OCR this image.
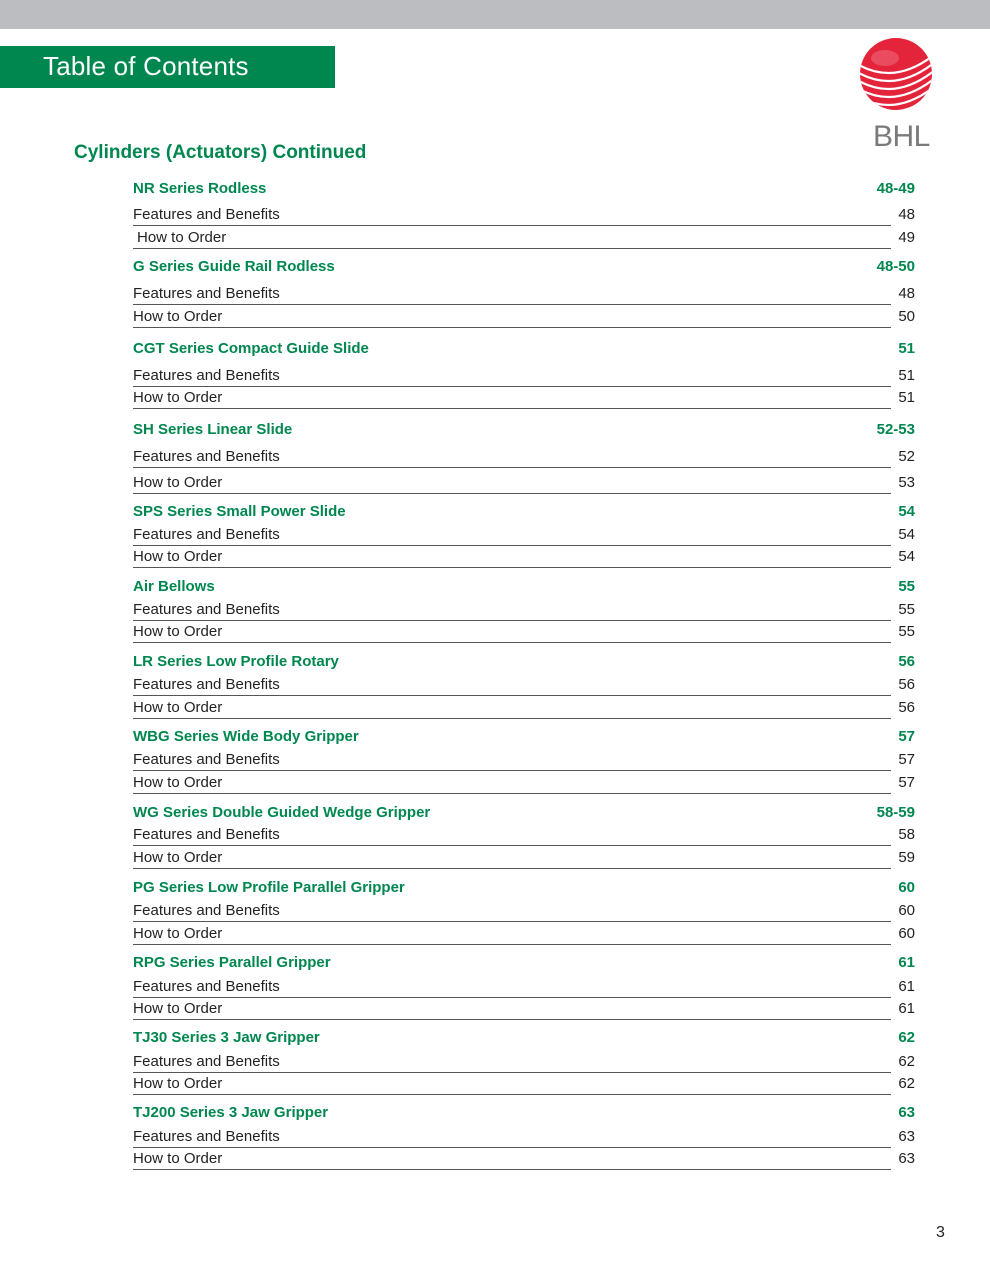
Table of Contents
BHL
Cylinders (Actuators) Continued
NR Series Rodless	48-49
Features and Benefits	48
How to Order	49
G Series Guide Rail Rodless	48-50
Features and Benefits	48
How to Order	50
CGT Series Compact Guide Slide	51
Features and Benefits	51
How to Order	51
SH Series Linear Slide	52-53
Features and Benefits	52
How to Order	53
SPS Series Small Power Slide	54
Features and Benefits	54
How to Order	54
Air Bellows	55
Features and Benefits	55
How to Order	55
LR Series Low Profile Rotary	56
Features and Benefits	56
How to Order	56
WBG Series Wide Body Gripper	57
Features and Benefits	57
How to Order	57
WG Series Double Guided Wedge Gripper	58-59
Features and Benefits	58
How to Order	59
PG Series Low Profile Parallel Gripper	60
Features and Benefits	60
How to Order	60
RPG Series Parallel Gripper	61
Features and Benefits	61
How to Order	61
TJ30 Series 3 Jaw Gripper	62
Features and Benefits	62
How to Order	62
TJ200 Series 3 Jaw Gripper	63
Features and Benefits	63
How to Order	63
3
